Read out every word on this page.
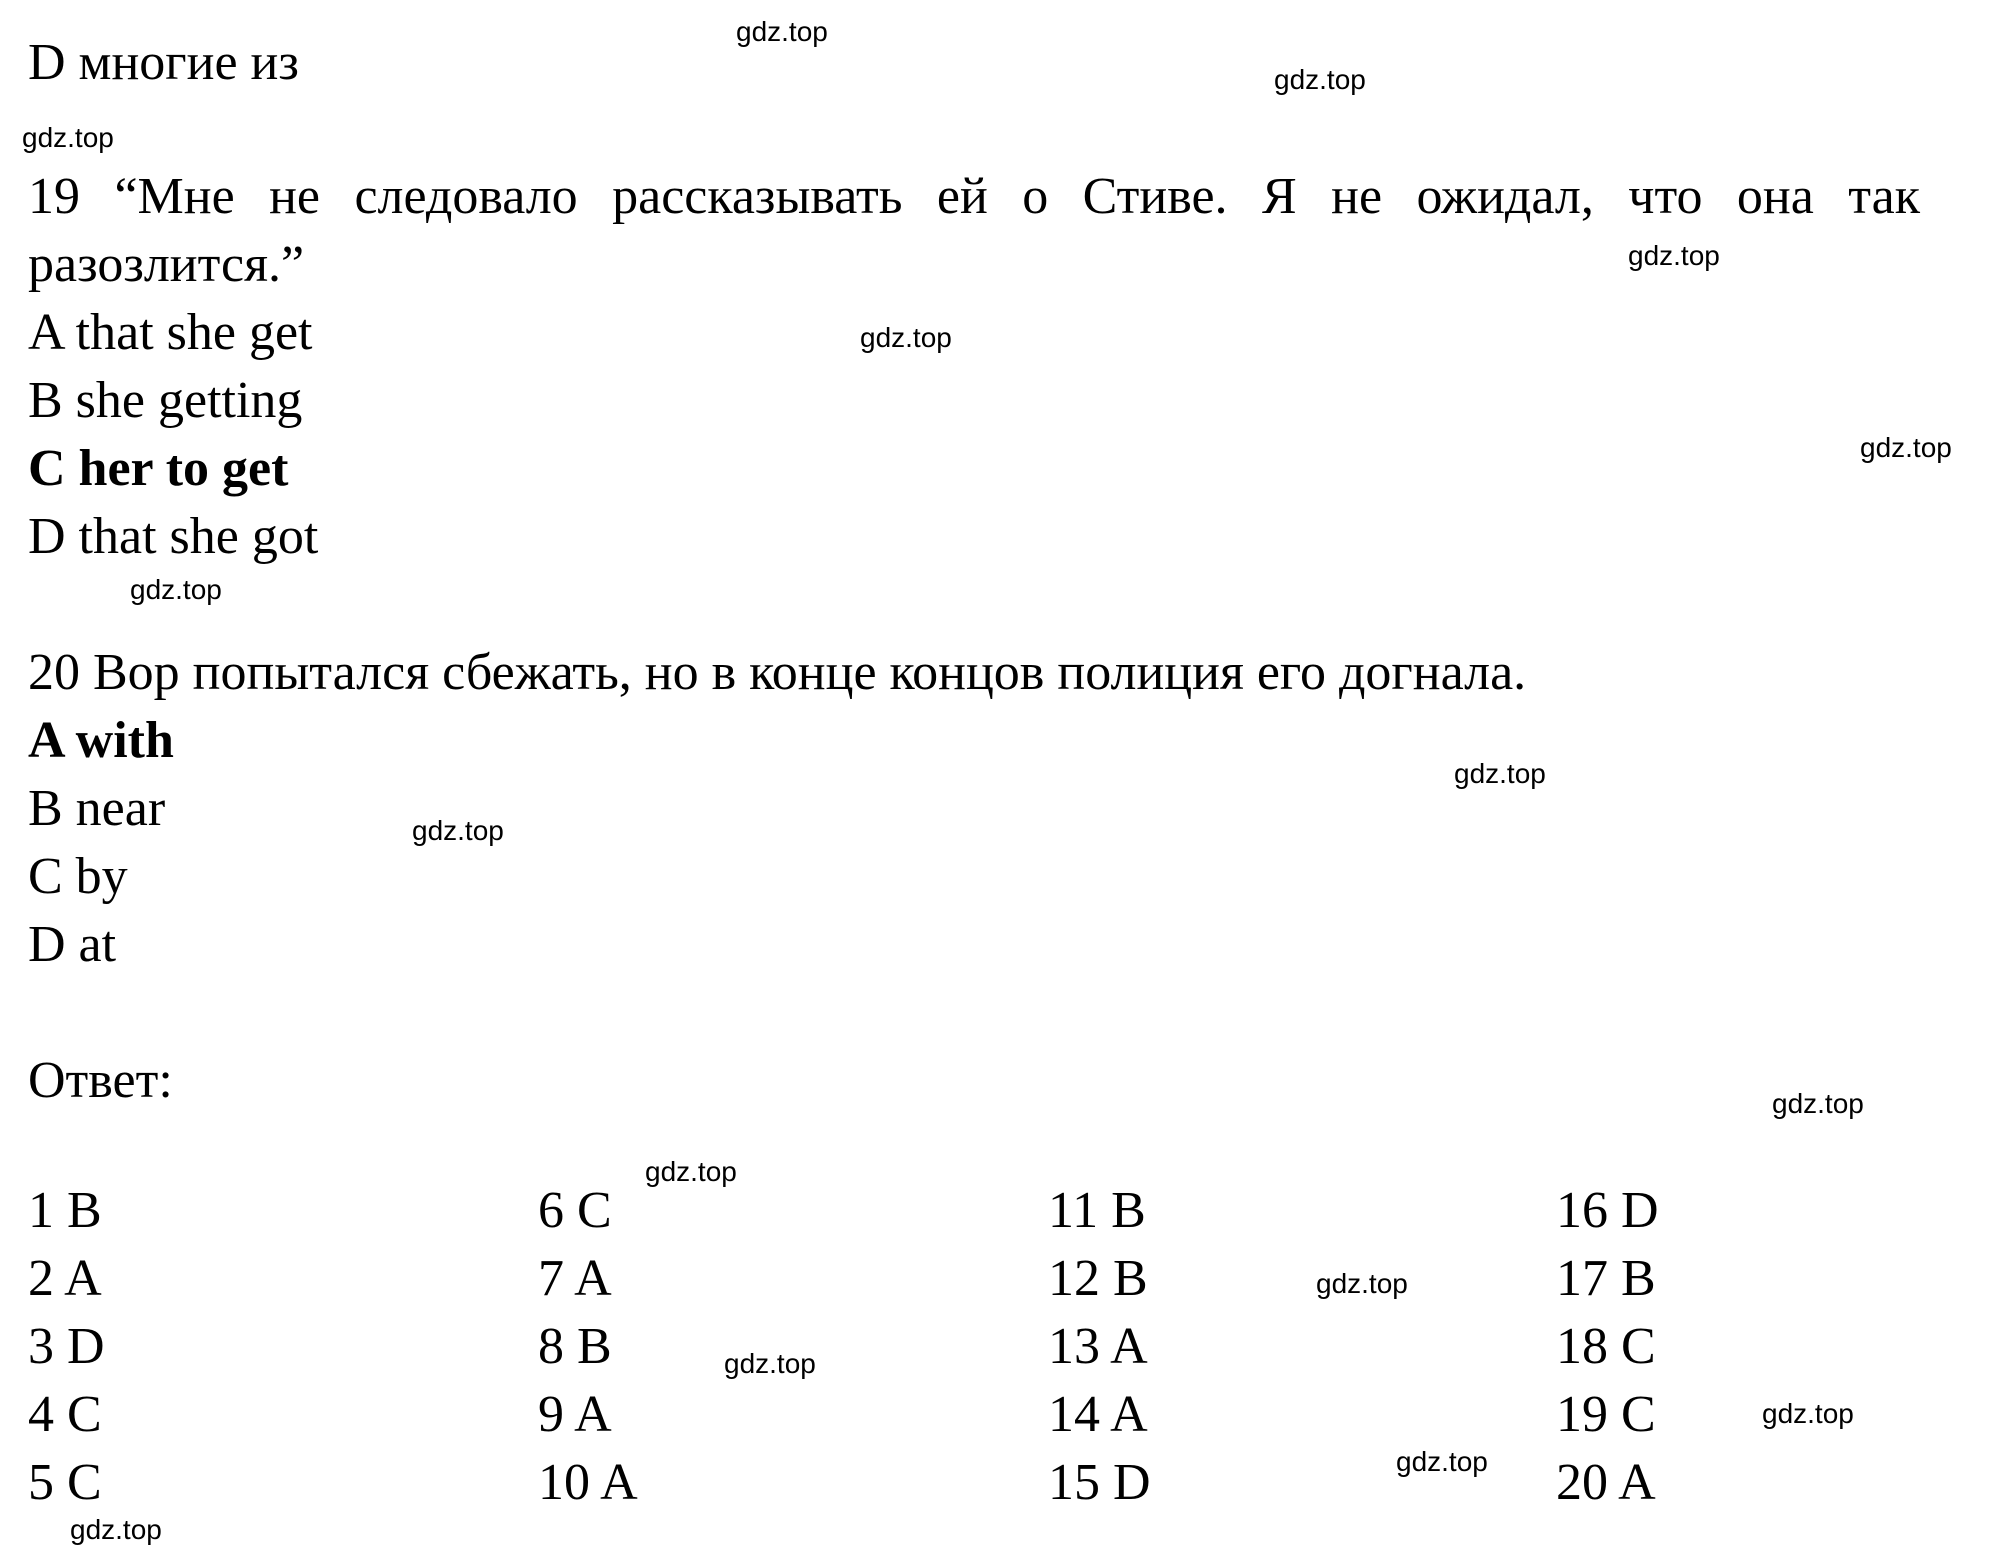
D многие из
19 “Мне не следовало рассказывать ей о Стиве. Я не ожидал, что она так
разозлится.”
A that she get
B she getting
C her to get
D that she got
20 Вор попытался сбежать, но в конце концов полиция его догнала.
A with
B near
C by
D at
Ответ:
1 B
2 A
3 D
4 C
5 C
6 C
7 A
8 B
9 A
10 A
11 B
12 B
13 A
14 A
15 D
16 D
17 B
18 C
19 C
20 A
gdz.top
gdz.top
gdz.top
gdz.top
gdz.top
gdz.top
gdz.top
gdz.top
gdz.top
gdz.top
gdz.top
gdz.top
gdz.top
gdz.top
gdz.top
gdz.top
